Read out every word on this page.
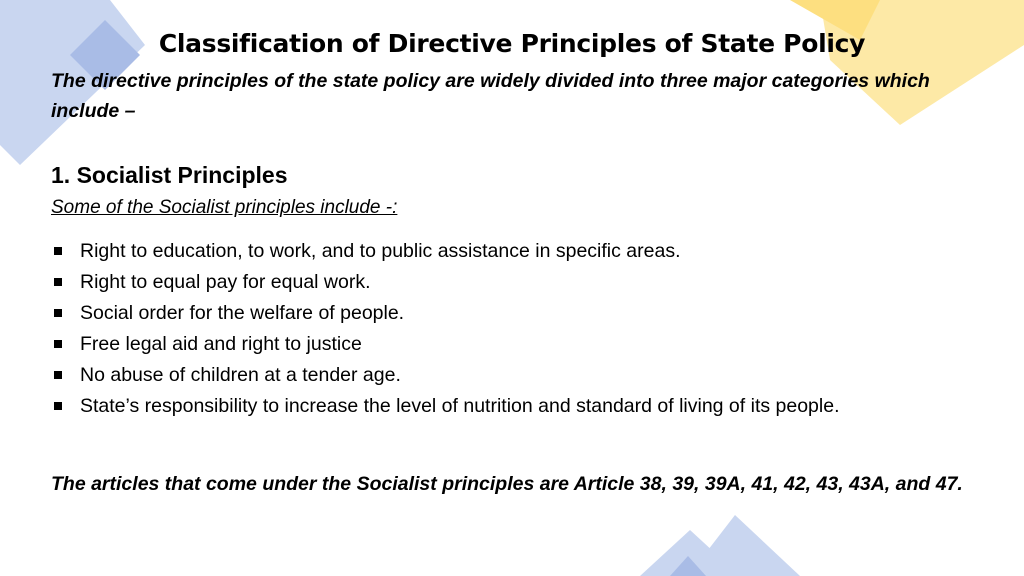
Classification of Directive Principles of State Policy
The directive principles of the state policy are widely divided into three major categories which include –
1. Socialist Principles
Some of the Socialist principles include -:
Right to education, to work, and to public assistance in specific areas.
Right to equal pay for equal work.
Social order for the welfare of people.
Free legal aid and right to justice
No abuse of children at a tender age.
State’s responsibility to increase the level of nutrition and standard of living of its people.
The articles that come under the Socialist principles are Article 38, 39, 39A, 41, 42, 43, 43A, and 47.
